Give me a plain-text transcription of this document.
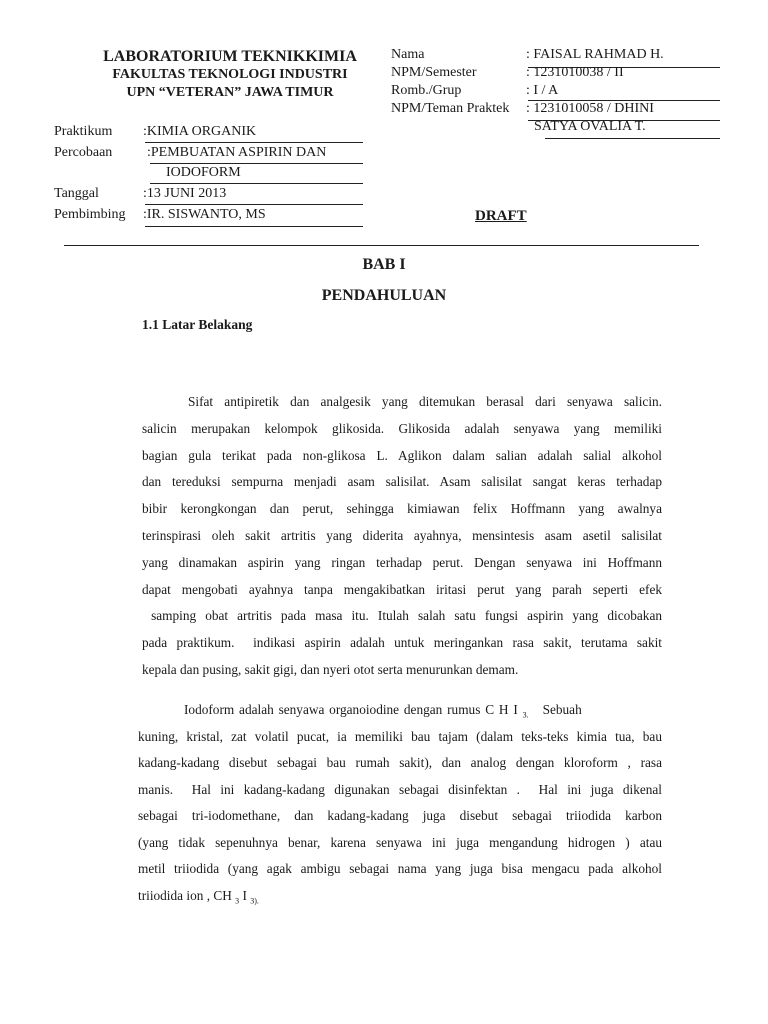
LABORATORIUM TEKNIKKIMIA
FAKULTAS TEKNOLOGI INDUSTRI
UPN “VETERAN” JAWA TIMUR
Nama	: FAISAL RAHMAD H.
NPM/Semester	: 1231010038 / II
Romb./Grup	: I / A
NPM/Teman Praktek : 1231010058 / DHINI
SATYA OVALIA T.
Praktikum :KIMIA ORGANIK
Percobaan :PEMBUATAN ASPIRIN DAN
IODOFORM
Tanggal	:13 JUNI 2013
Pembimbing :IR. SISWANTO, MS	DRAFT
BAB I
PENDAHULUAN
1.1 Latar Belakang
Sifat antipiretik dan analgesik yang ditemukan berasal dari senyawa salicin.
salicin merupakan kelompok glikosida. Glikosida adalah senyawa yang memiliki
bagian gula terikat pada non-glikosa L. Aglikon dalam salian adalah salial alkohol
dan tereduksi sempurna menjadi asam salisilat. Asam salisilat sangat keras terhadap
bibir kerongkongan dan perut, sehingga kimiawan felix Hoffmann yang awalnya
terinspirasi oleh sakit artritis yang diderita ayahnya, mensintesis asam asetil salisilat
yang dinamakan aspirin yang ringan terhadap perut. Dengan senyawa ini Hoffmann
dapat mengobati ayahnya tanpa mengakibatkan iritasi perut yang parah seperti efek
samping obat artritis pada masa itu. Itulah salah satu fungsi aspirin yang dicobakan
pada praktikum.  indikasi aspirin adalah untuk meringankan rasa sakit, terutama sakit
kepala dan pusing, sakit gigi, dan nyeri otot serta menurunkan demam.
Iodoform adalah senyawa organoiodine dengan rumus C H I $_{3.}$ Sebuah
kuning, kristal, zat volatil pucat, ia memiliki bau tajam (dalam teks-teks kimia tua, bau
kadang-kadang disebut sebagai bau rumah sakit), dan analog dengan kloroform , rasa
manis.  Hal ini kadang-kadang digunakan sebagai disinfektan .  Hal ini juga dikenal
sebagai tri-iodomethane, dan kadang-kadang juga disebut sebagai triiodida karbon
(yang tidak sepenuhnya benar, karena senyawa ini juga mengandung hidrogen ) atau
metil triiodida (yang agak ambigu sebagai nama yang juga bisa mengacu pada alkohol
triiodida ion , CH $_3$ I $_{3).}$
